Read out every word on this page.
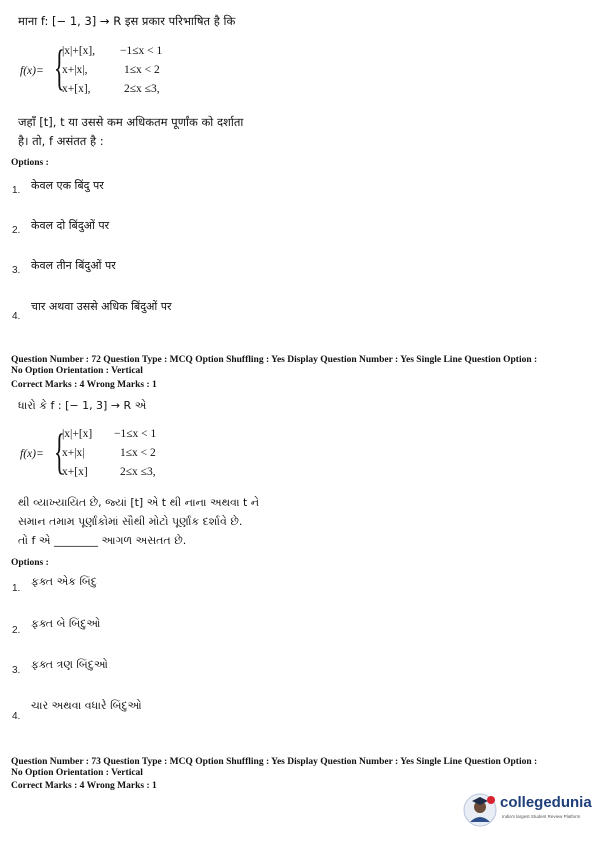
माना f: [− 1, 3] → R इस प्रकार परिभाषित है कि
f(x)= {
|x|+[x], −1≤x < 1
x+|x|,	1≤x < 2
x+[x],	2≤x ≤3,
जहाँ [t], t या उससे कम अधिकतम पूर्णांक को दर्शाता
है। तो, f असंतत है :
Options :
केवल एक बिंदु पर
1.
केवल दो बिंदुओं पर
2.
केवल तीन बिंदुओं पर
3.
चार अथवा उससे अधिक बिंदुओं पर
4.
Question Number : 72 Question Type : MCQ Option Shuffling : Yes Display Question Number : Yes Single Line Question Option :
No Option Orientation : Vertical
Correct Marks : 4 Wrong Marks : 1
ધારો કે f : [− 1, 3] → R એ
f(x)= {
|x|+[x] −1≤x < 1
x+|x|	1≤x < 2
x+[x]	2≤x ≤3,
થી વ્યાખ્યાયિત છે, જ્યાં [t] એ t થી નાના અથવા t ને
સમાન તમામ પૂર્ણાંકોમાં સૌથી મોટો પૂર્ણાંક દર્શાવે છે.
તો f એ ________ આગળ અસતત છે.
Options :
ફક્ત એક બિંદુ
1.
ફક્ત બે બિંદુઓ
2.
ફક્ત ત્રણ બિંદુઓ
3.
ચાર અથવા વધારે બિંદુઓ
4.
Question Number : 73 Question Type : MCQ Option Shuffling : Yes Display Question Number : Yes Single Line Question Option :
No Option Orientation : Vertical
Correct Marks : 4 Wrong Marks : 1
collegedunia
India's largest Student Review Platform
